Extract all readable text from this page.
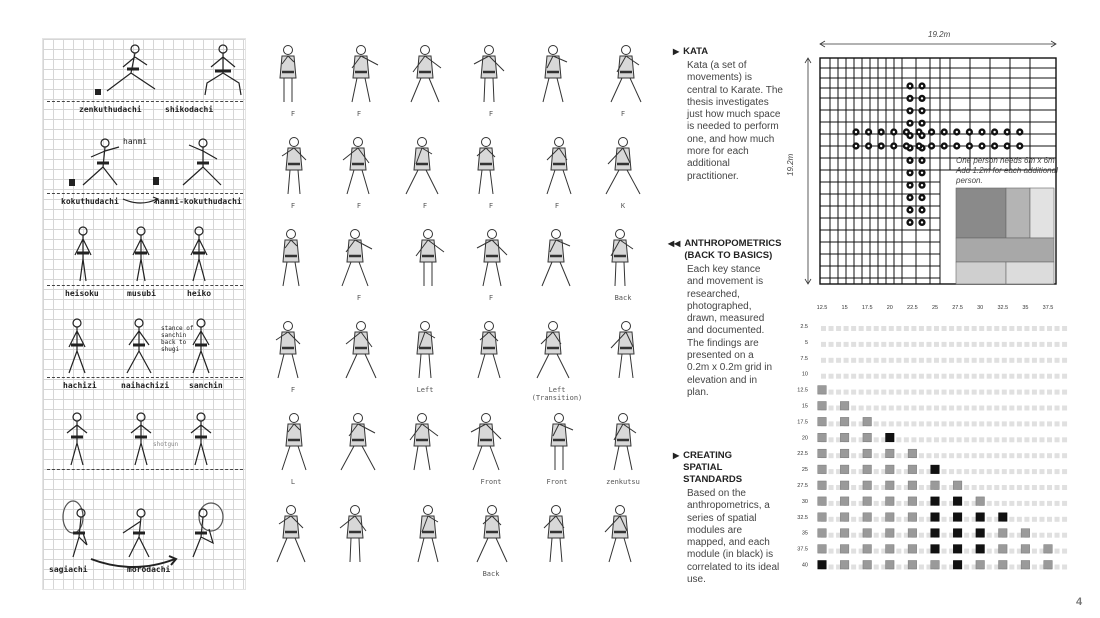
zenkuthudachi	shikodachi
hanmi
kokuthudachi	hanmi-kokuthudachi
heisoku	musubi	heiko
stance of sanchin back to shugi
hachizi	naihachizi sanchin
shotgun
sagiachi	morodachi
F	F	F	F
F	F	F	F	F	K
F	F	Back
F	Left	Left (Transition)
L	Front	Front	zenkutsu
Back
▶ KATA
Kata (a set of movements) is central to Karate. The thesis investigates just how much space is needed to perform one, and how much more for each additional practitioner.
◀◀ ANTHROPOMETRICS (BACK TO BASICS)
Each key stance and movement is researched, photographed, drawn, measured and documented. The findings are presented on a 0.2m x 0.2m grid in elevation and in plan.
▶ CREATING SPATIAL STANDARDS
Based on the anthropometrics, a series of spatial modules are mapped, and each module (in black) is correlated to its ideal use.
19.2m
19.2m	One person needs 6m x 6m. Add 1.2m for each additional person.
12.5	15	17.5	20	22.5	25	27.5	30	32.5	35	37.5
2.5
5
7.5
10
12.5
15
17.5
20
22.5
25
27.5
30
32.5
35
37.5
40
4
